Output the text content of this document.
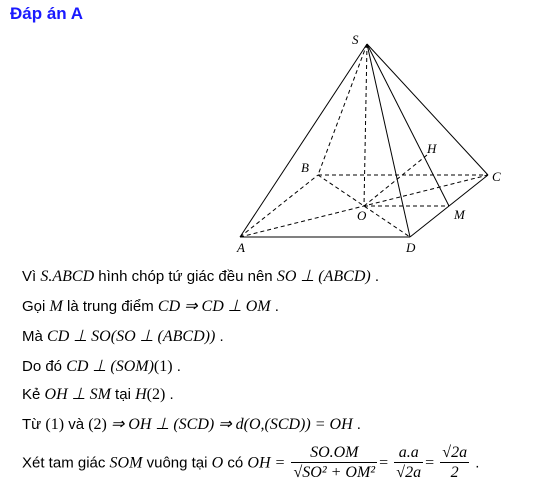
Đáp án A
S
A
B
C
D
O
H
M
Vì S.ABCD hình chóp tứ giác đều nên SO ⊥ (ABCD) .
Gọi M là trung điểm CD ⇒ CD ⊥ OM .
Mà CD ⊥ SO(SO ⊥ (ABCD)) .
Do đó CD ⊥ (SOM)(1) .
Kẻ OH ⊥ SM tại H(2) .
Từ (1) và (2) ⇒ OH ⊥ (SCD) ⇒ d(O,(SCD)) = OH .
Xét tam giác SOM vuông tại O có OH = $\frac{SO.OM}{\text{√SO² + OM²}} = \frac{a.a}{√2a} = \frac{√2a}{2}$ .
